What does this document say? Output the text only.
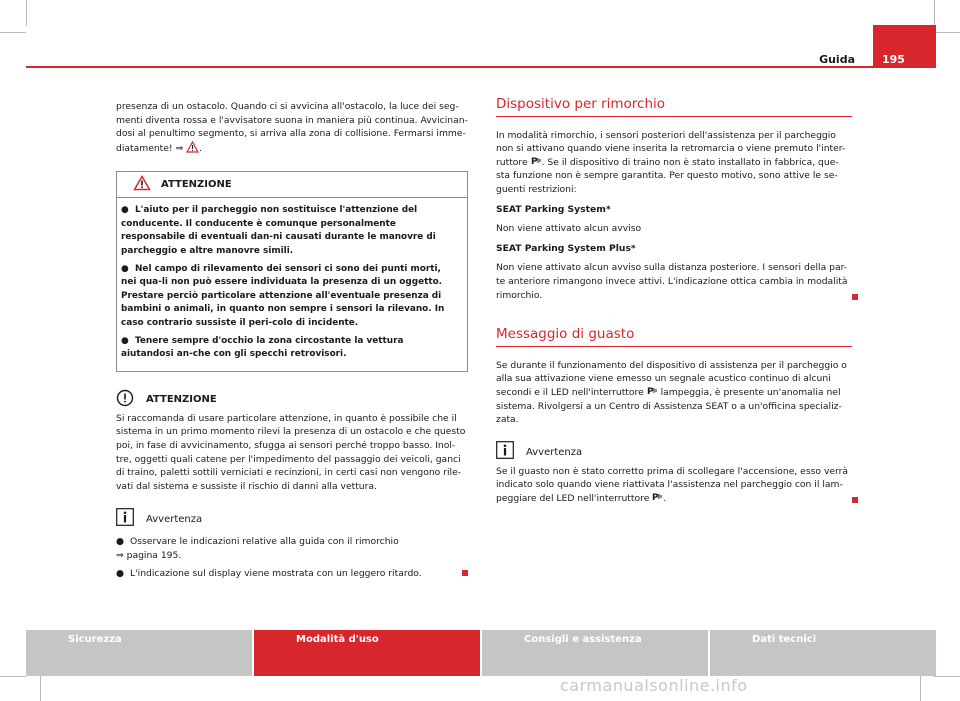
Guida	195

presenza di un ostacolo. Quando ci si avvicina all'ostacolo, la luce dei seg-menti diventa rossa e l'avvisatore suona in maniera più continua. Avvicinan-dosi al penultimo segmento, si arriva alla zona di collisione. Fermarsi imme-diatamente! ⇒ .

ATTENZIONE
● L'aiuto per il parcheggio non sostituisce l'attenzione del conducente. Il conducente è comunque personalmente responsabile di eventuali dan-ni causati durante le manovre di parcheggio e altre manovre simili.
● Nel campo di rilevamento dei sensori ci sono dei punti morti, nei qua-li non può essere individuata la presenza di un oggetto. Prestare perciò particolare attenzione all'eventuale presenza di bambini o animali, in quanto non sempre i sensori la rilevano. In caso contrario sussiste il peri-colo di incidente.
● Tenere sempre d'occhio la zona circostante la vettura aiutandosi an-che con gli specchi retrovisori.
ATTENZIONE

Si raccomanda di usare particolare attenzione, in quanto è possibile che il sistema in un primo momento rilevi la presenza di un ostacolo e che questo poi, in fase di avvicinamento, sfugga ai sensori perché troppo basso. Inol-tre, oggetti quali catene per l'impedimento del passaggio dei veicoli, ganci di traino, paletti sottili verniciati e recinzioni, in certi casi non vengono rile-vati dal sistema e sussiste il rischio di danni alla vettura.

Avvertenza
● Osservare le indicazioni relative alla guida con il rimorchio
⇒ pagina 195.
● L'indicazione sul display viene mostrata con un leggero ritardo.
Dispositivo per rimorchio

In modalità rimorchio, i sensori posteriori dell'assistenza per il parcheggio non si attivano quando viene inserita la retromarcia o viene premuto l'inter-ruttore P . Se il dispositivo di traino non è stato installato in fabbrica, que-sta funzione non è sempre garantita. Per questo motivo, sono attive le se-guenti restrizioni:

SEAT Parking System*

Non viene attivato alcun avviso

SEAT Parking System Plus*

Non viene attivato alcun avviso sulla distanza posteriore. I sensori della par-te anteriore rimangono invece attivi. L'indicazione ottica cambia in modalità rimorchio.

Messaggio di guasto

Se durante il funzionamento del dispositivo di assistenza per il parcheggio o alla sua attivazione viene emesso un segnale acustico continuo di alcuni secondi e il LED nell'interruttore P lampeggia, è presente un'anomalia nel sistema. Rivolgersi a un Centro di Assistenza SEAT o a un'officina specializ-zata.

Avvertenza

Se il guasto non è stato corretto prima di scollegare l'accensione, esso verrà indicato solo quando viene riattivata l'assistenza nel parcheggio con il lam-peggiare del LED nell'interruttore P .

Sicurezza	Modalità d'uso	Consigli e assistenza	Dati tecnici
carmanualsonline.info
